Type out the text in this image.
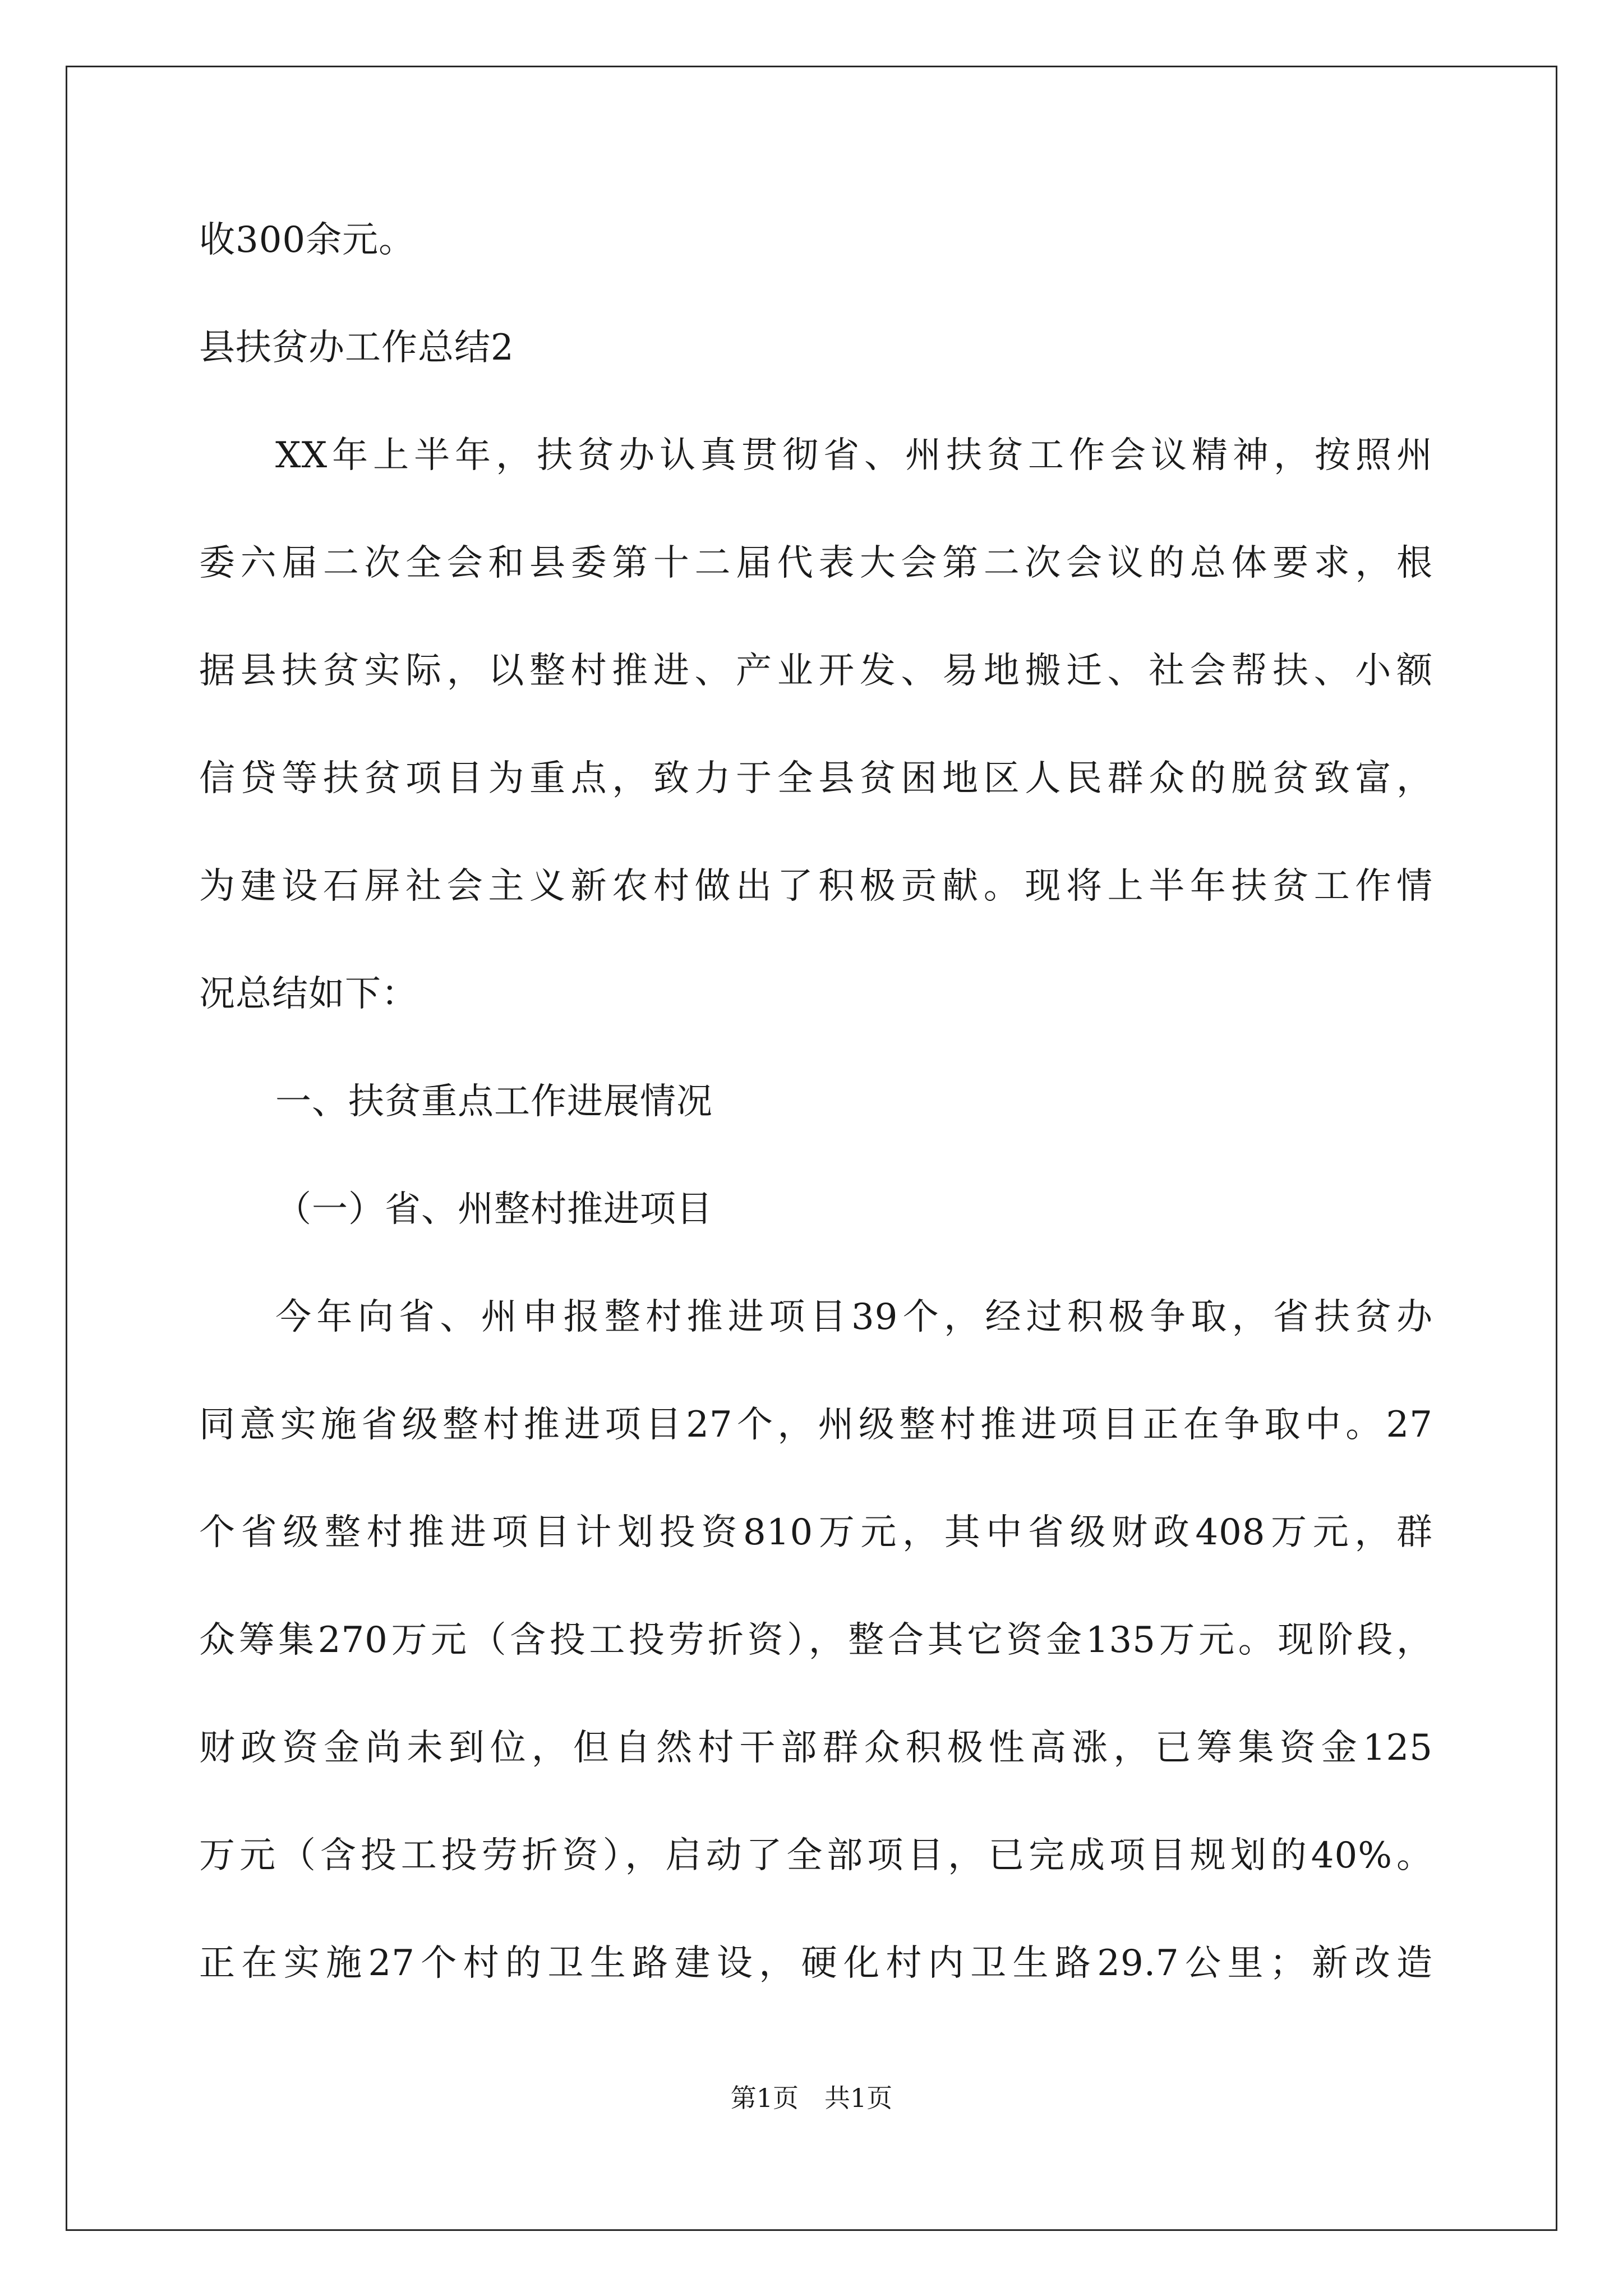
收300余元。
县扶贫办工作总结2
XX年上半年，扶贫办认真贯彻省、州扶贫工作会议精神，按照州
委六届二次全会和县委第十二届代表大会第二次会议的总体要求，根
据县扶贫实际，以整村推进、产业开发、易地搬迁、社会帮扶、小额
信贷等扶贫项目为重点，致力于全县贫困地区人民群众的脱贫致富，
为建设石屏社会主义新农村做出了积极贡献。现将上半年扶贫工作情
况总结如下：
一、扶贫重点工作进展情况
（一）省、州整村推进项目
今年向省、州申报整村推进项目39个，经过积极争取，省扶贫办
同意实施省级整村推进项目27个，州级整村推进项目正在争取中。27
个省级整村推进项目计划投资810万元，其中省级财政408万元，群
众筹集270万元（含投工投劳折资），整合其它资金135万元。现阶段，
财政资金尚未到位，但自然村干部群众积极性高涨，已筹集资金125
万元（含投工投劳折资），启动了全部项目，已完成项目规划的40%。
正在实施27个村的卫生路建设，硬化村内卫生路29.7公里；新改造
第1页　共1页
